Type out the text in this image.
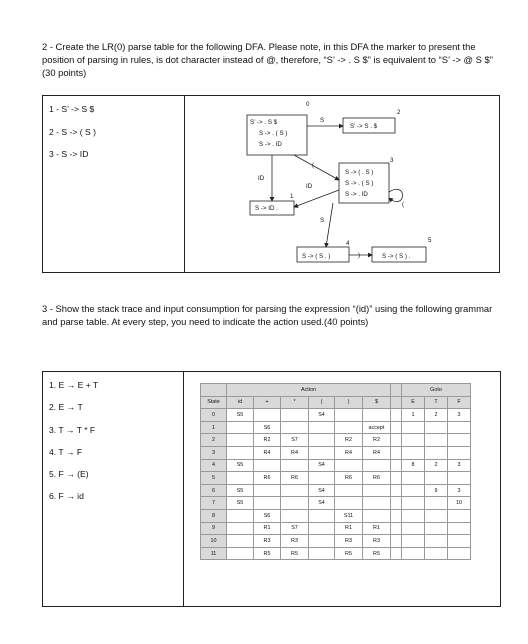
2 - Create the LR(0) parse table for the following DFA. Please note, in this DFA the marker to present the position of parsing in rules, is dot character instead of @, therefore, “S’ -> . S $” is equivalent to “S’ -> @ S $” (30 points)
1 - S’ -> S $
2 - S -> ( S )
3 - S -> ID
S’ -> . S $
S -> . ( S )
S -> . ID
S’ -> S . $
S -> ( . S )
S -> . ( S )
S -> . ID
S -> ID .
S -> ( S . )	S -> ( S ) .
0
2
3
1
4	5
S
(
ID
ID
(
S
)
3 - Show the stack trace and input consumption for parsing the expression “(id)” using the following grammar and parse table. At every step, you need to indicate the action used.(40 points)
1. E → E + T
2. E → T
3. T → T * F
4. T → F
5. F → (E)
6. F → id
	Action							Goto		
State	id	+	*	(	)	$		E	T	F
0	S5			S4				1	2	3
1		S6				accept				
2		R2	S7		R2	R2				
3		R4	R4		R4	R4				
4	S5			S4				8	2	3
5		R6	R6		R6	R6				
6	S5			S4					9	3
7	S5			S4						10
8		S6			S11					
9		R1	S7		R1	R1				
10		R3	R3		R3	R3				
11		R5	R5		R5	R5				
